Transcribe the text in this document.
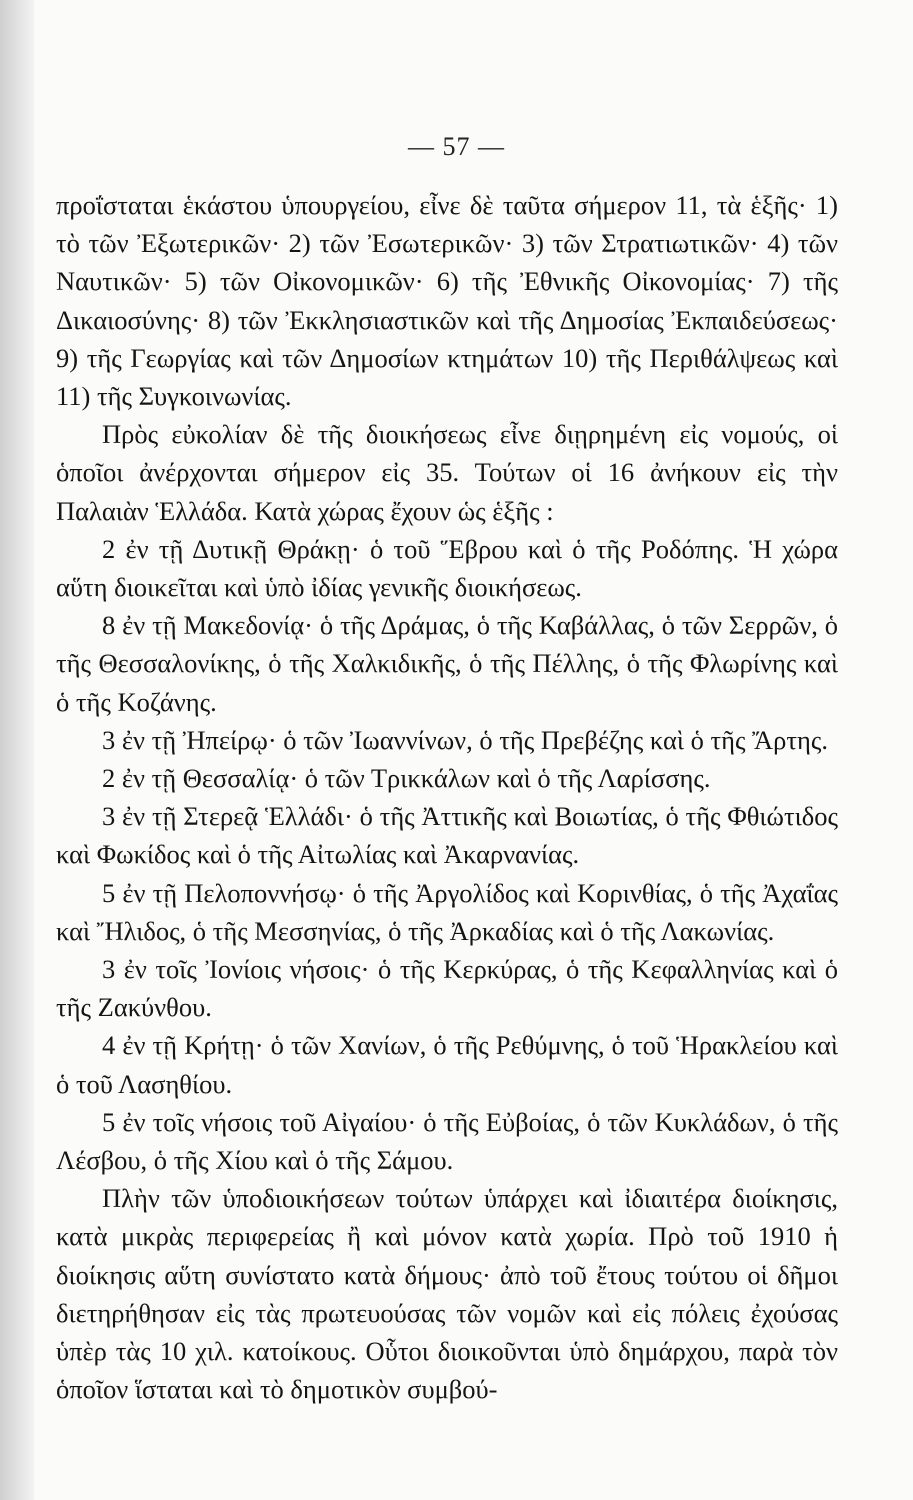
— 57 —

προΐσταται ἑκάστου ὑπουργείου, εἶνε δὲ ταῦτα σήμερον 11, τὰ ἑξῆς· 1) τὸ τῶν Ἐξωτερικῶν· 2) τῶν Ἐσωτερικῶν· 3) τῶν Στρατιωτικῶν· 4) τῶν Ναυτικῶν· 5) τῶν Οἰκονομικῶν· 6) τῆς Ἐθνικῆς Οἰκονομίας· 7) τῆς Δικαιοσύνης· 8) τῶν Ἐκκλησιαστικῶν καὶ τῆς Δημοσίας Ἐκπαιδεύσεως· 9) τῆς Γεωργίας καὶ τῶν Δημοσίων κτημάτων 10) τῆς Περιθάλψεως καὶ 11) τῆς Συγκοινωνίας.

Πρὸς εὐκολίαν δὲ τῆς διοικήσεως εἶνε διῃρημένη εἰς νομούς, οἱ ὁποῖοι ἀνέρχονται σήμερον εἰς 35. Τούτων οἱ 16 ἀνήκουν εἰς τὴν Παλαιὰν Ἑλλάδα. Κατὰ χώρας ἔχουν ὡς ἑξῆς :

2 ἐν τῇ Δυτικῇ Θράκῃ· ὁ τοῦ Ἕβρου καὶ ὁ τῆς Ροδόπης. Ἡ χώρα αὕτη διοικεῖται καὶ ὑπὸ ἰδίας γενικῆς διοικήσεως.

8 ἐν τῇ Μακεδονίᾳ· ὁ τῆς Δράμας, ὁ τῆς Καβάλλας, ὁ τῶν Σερρῶν, ὁ τῆς Θεσσαλονίκης, ὁ τῆς Χαλκιδικῆς, ὁ τῆς Πέλλης, ὁ τῆς Φλωρίνης καὶ ὁ τῆς Κοζάνης.

3 ἐν τῇ Ἠπείρῳ· ὁ τῶν Ἰωαννίνων, ὁ τῆς Πρεβέζης καὶ ὁ τῆς Ἄρτης.

2 ἐν τῇ Θεσσαλίᾳ· ὁ τῶν Τρικκάλων καὶ ὁ τῆς Λαρίσσης.

3 ἐν τῇ Στερεᾷ Ἑλλάδι· ὁ τῆς Ἀττικῆς καὶ Βοιωτίας, ὁ τῆς Φθιώτιδος καὶ Φωκίδος καὶ ὁ τῆς Αἰτωλίας καὶ Ἀκαρνανίας.

5 ἐν τῇ Πελοποννήσῳ· ὁ τῆς Ἀργολίδος καὶ Κορινθίας, ὁ τῆς Ἀχαΐας καὶ Ἤλιδος, ὁ τῆς Μεσσηνίας, ὁ τῆς Ἀρκαδίας καὶ ὁ τῆς Λακωνίας.

3 ἐν τοῖς Ἰονίοις νήσοις· ὁ τῆς Κερκύρας, ὁ τῆς Κεφαλληνίας καὶ ὁ τῆς Ζακύνθου.

4 ἐν τῇ Κρήτῃ· ὁ τῶν Χανίων, ὁ τῆς Ρεθύμνης, ὁ τοῦ Ἡρακλείου καὶ ὁ τοῦ Λασηθίου.

5 ἐν τοῖς νήσοις τοῦ Αἰγαίου· ὁ τῆς Εὐβοίας, ὁ τῶν Κυκλάδων, ὁ τῆς Λέσβου, ὁ τῆς Χίου καὶ ὁ τῆς Σάμου.

Πλὴν τῶν ὑποδιοικήσεων τούτων ὑπάρχει καὶ ἰδιαιτέρα διοίκησις, κατὰ μικρὰς περιφερείας ἢ καὶ μόνον κατὰ χωρία. Πρὸ τοῦ 1910 ἡ διοίκησις αὕτη συνίστατο κατὰ δήμους· ἀπὸ τοῦ ἔτους τούτου οἱ δῆμοι διετηρήθησαν εἰς τὰς πρωτευούσας τῶν νομῶν καὶ εἰς πόλεις ἐχούσας ὑπὲρ τὰς 10 χιλ. κατοίκους. Οὗτοι διοικοῦνται ὑπὸ δημάρχου, παρὰ τὸν ὁποῖον ἵσταται καὶ τὸ δημοτικὸν συμβού-
